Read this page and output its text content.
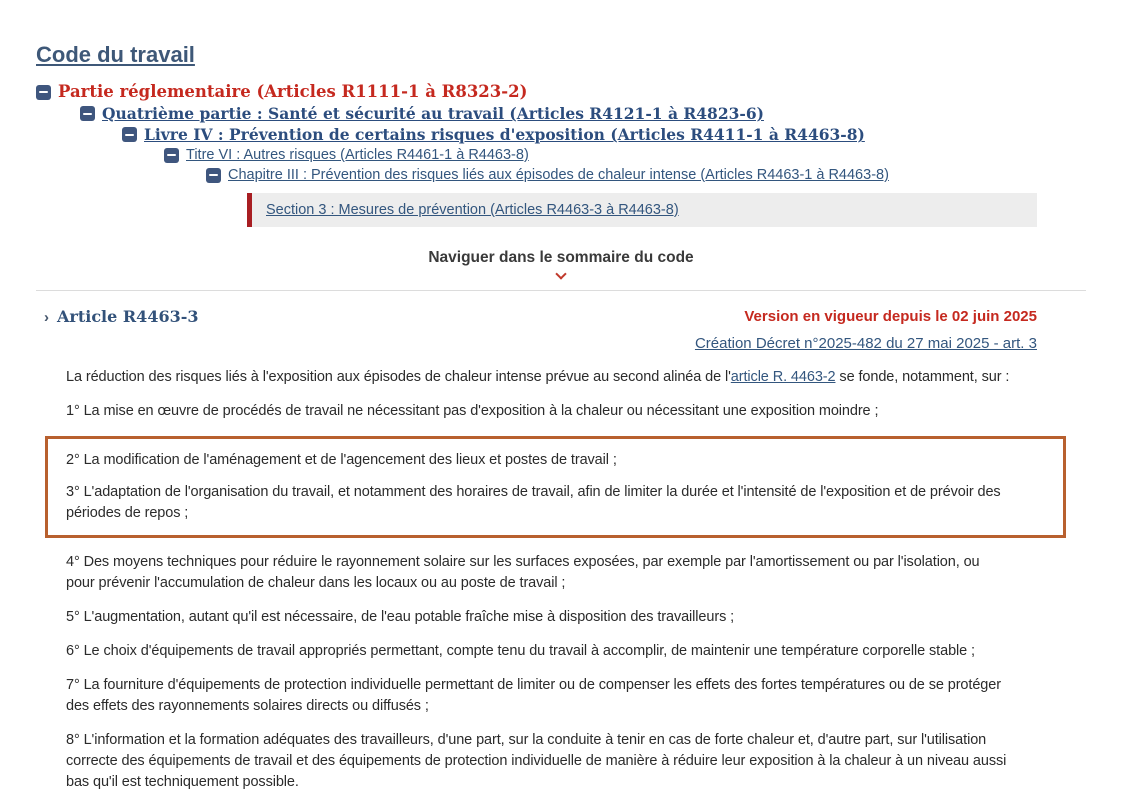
Code du travail
Partie réglementaire (Articles R1111-1 à R8323-2)
Quatrième partie : Santé et sécurité au travail (Articles R4121-1 à R4823-6)
Livre IV : Prévention de certains risques d'exposition (Articles R4411-1 à R4463-8)
Titre VI : Autres risques (Articles R4461-1 à R4463-8)
Chapitre III : Prévention des risques liés aux épisodes de chaleur intense (Articles R4463-1 à R4463-8)
Section 3 : Mesures de prévention (Articles R4463-3 à R4463-8)
Naviguer dans le sommaire du code
› Article R4463-3	Version en vigueur depuis le 02 juin 2025
Création Décret n°2025-482 du 27 mai 2025 - art. 3

La réduction des risques liés à l'exposition aux épisodes de chaleur intense prévue au second alinéa de l'article R. 4463-2 se fonde, notamment, sur :

1° La mise en œuvre de procédés de travail ne nécessitant pas d'exposition à la chaleur ou nécessitant une exposition moindre ;

2° La modification de l'aménagement et de l'agencement des lieux et postes de travail ;

3° L'adaptation de l'organisation du travail, et notamment des horaires de travail, afin de limiter la durée et l'intensité de l'exposition et de prévoir des périodes de repos ;

4° Des moyens techniques pour réduire le rayonnement solaire sur les surfaces exposées, par exemple par l'amortissement ou par l'isolation, ou pour prévenir l'accumulation de chaleur dans les locaux ou au poste de travail ;

5° L'augmentation, autant qu'il est nécessaire, de l'eau potable fraîche mise à disposition des travailleurs ;

6° Le choix d'équipements de travail appropriés permettant, compte tenu du travail à accomplir, de maintenir une température corporelle stable ;

7° La fourniture d'équipements de protection individuelle permettant de limiter ou de compenser les effets des fortes températures ou de se protéger des effets des rayonnements solaires directs ou diffusés ;

8° L'information et la formation adéquates des travailleurs, d'une part, sur la conduite à tenir en cas de forte chaleur et, d'autre part, sur l'utilisation correcte des équipements de travail et des équipements de protection individuelle de manière à réduire leur exposition à la chaleur à un niveau aussi bas qu'il est techniquement possible.
